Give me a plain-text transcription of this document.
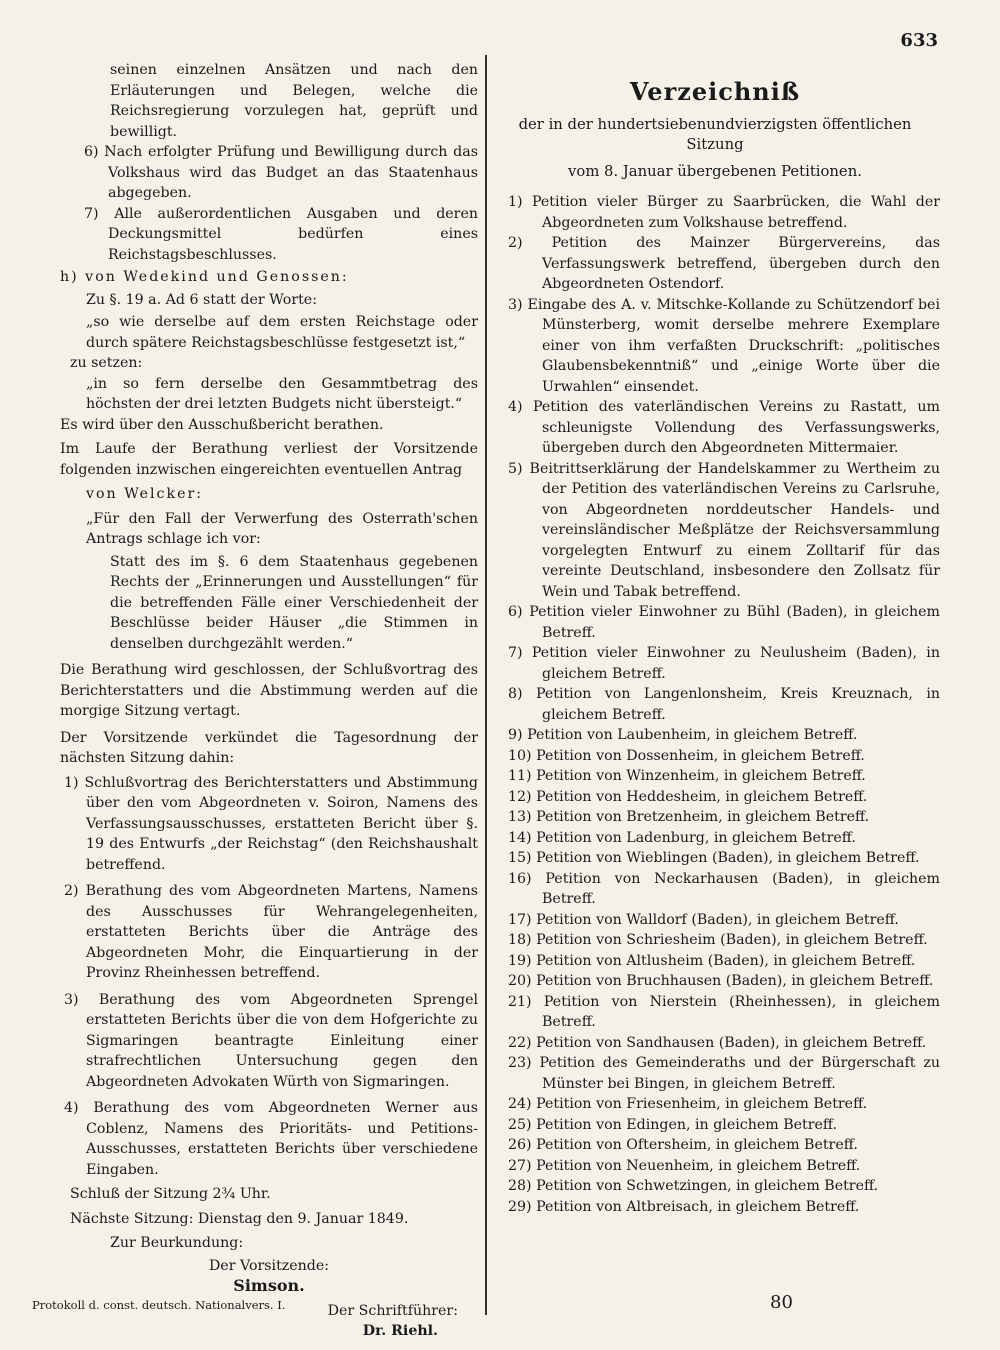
633

seinen einzelnen Ansätzen und nach den Erläuterungen und Belegen, welche die Reichsregierung vorzulegen hat, geprüft und bewilligt.

6) Nach erfolgter Prüfung und Bewilligung durch das Volkshaus wird das Budget an das Staatenhaus abgegeben.

7) Alle außerordentlichen Ausgaben und deren Deckungsmittel bedürfen eines Reichstagsbeschlusses.

h) von Wedekind und Genossen:

Zu §. 19 a. Ad 6 statt der Worte:

„so wie derselbe auf dem ersten Reichstage oder durch spätere Reichstagsbeschlüsse festgesetzt ist,“

zu setzen:

„in so fern derselbe den Gesammtbetrag des höchsten der drei letzten Budgets nicht übersteigt.“

Es wird über den Ausschußbericht berathen.

Im Laufe der Berathung verliest der Vorsitzende folgenden inzwischen eingereichten eventuellen Antrag

von Welcker:

„Für den Fall der Verwerfung des Osterrath'schen Antrags schlage ich vor:

Statt des im §. 6 dem Staatenhaus gegebenen Rechts der „Erinnerungen und Ausstellungen“ für die betreffenden Fälle einer Verschiedenheit der Beschlüsse beider Häuser „die Stimmen in denselben durchgezählt werden.“

Die Berathung wird geschlossen, der Schlußvortrag des Berichterstatters und die Abstimmung werden auf die morgige Sitzung vertagt.

Der Vorsitzende verkündet die Tagesordnung der nächsten Sitzung dahin:

1) Schlußvortrag des Berichterstatters und Abstimmung über den vom Abgeordneten v. Soiron, Namens des Verfassungsausschusses, erstatteten Bericht über §. 19 des Entwurfs „der Reichstag“ (den Reichshaushalt betreffend.

2) Berathung des vom Abgeordneten Martens, Namens des Ausschusses für Wehrangelegenheiten, erstatteten Berichts über die Anträge des Abgeordneten Mohr, die Einquartierung in der Provinz Rheinhessen betreffend.

3) Berathung des vom Abgeordneten Sprengel erstatteten Berichts über die von dem Hofgerichte zu Sigmaringen beantragte Einleitung einer strafrechtlichen Untersuchung gegen den Abgeordneten Advokaten Würth von Sigmaringen.

4) Berathung des vom Abgeordneten Werner aus Coblenz, Namens des Prioritäts- und Petitions-Ausschusses, erstatteten Berichts über verschiedene Eingaben.

Schluß der Sitzung 2¾ Uhr.

Nächste Sitzung: Dienstag den 9. Januar 1849.

Zur Beurkundung:

Der Vorsitzende:

Simson.

Der Schriftführer:

Dr. Riehl.

Verzeichniß
der in der hundertsiebenundvierzigsten öffentlichen Sitzung
vom 8. Januar übergebenen Petitionen.

1) Petition vieler Bürger zu Saarbrücken, die Wahl der Abgeordneten zum Volkshause betreffend.

2) Petition des Mainzer Bürgervereins, das Verfassungswerk betreffend, übergeben durch den Abgeordneten Ostendorf.

3) Eingabe des A. v. Mitschke-Kollande zu Schützendorf bei Münsterberg, womit derselbe mehrere Exemplare einer von ihm verfaßten Druckschrift: „politisches Glaubensbekenntniß“ und „einige Worte über die Urwahlen“ einsendet.

4) Petition des vaterländischen Vereins zu Rastatt, um schleunigste Vollendung des Verfassungswerks, übergeben durch den Abgeordneten Mittermaier.

5) Beitrittserklärung der Handelskammer zu Wertheim zu der Petition des vaterländischen Vereins zu Carlsruhe, von Abgeordneten norddeutscher Handels- und vereinsländischer Meßplätze der Reichsversammlung vorgelegten Entwurf zu einem Zolltarif für das vereinte Deutschland, insbesondere den Zollsatz für Wein und Tabak betreffend.

6) Petition vieler Einwohner zu Bühl (Baden), in gleichem Betreff.

7) Petition vieler Einwohner zu Neulusheim (Baden), in gleichem Betreff.

8) Petition von Langenlonsheim, Kreis Kreuznach, in gleichem Betreff.

9) Petition von Laubenheim, in gleichem Betreff.

10) Petition von Dossenheim, in gleichem Betreff.

11) Petition von Winzenheim, in gleichem Betreff.

12) Petition von Heddesheim, in gleichem Betreff.

13) Petition von Bretzenheim, in gleichem Betreff.

14) Petition von Ladenburg, in gleichem Betreff.

15) Petition von Wieblingen (Baden), in gleichem Betreff.

16) Petition von Neckarhausen (Baden), in gleichem Betreff.

17) Petition von Walldorf (Baden), in gleichem Betreff.

18) Petition von Schriesheim (Baden), in gleichem Betreff.

19) Petition von Altlusheim (Baden), in gleichem Betreff.

20) Petition von Bruchhausen (Baden), in gleichem Betreff.

21) Petition von Nierstein (Rheinhessen), in gleichem Betreff.

22) Petition von Sandhausen (Baden), in gleichem Betreff.

23) Petition des Gemeinderaths und der Bürgerschaft zu Münster bei Bingen, in gleichem Betreff.

24) Petition von Friesenheim, in gleichem Betreff.

25) Petition von Edingen, in gleichem Betreff.

26) Petition von Oftersheim, in gleichem Betreff.

27) Petition von Neuenheim, in gleichem Betreff.

28) Petition von Schwetzingen, in gleichem Betreff.

29) Petition von Altbreisach, in gleichem Betreff.

Protokoll d. const. deutsch. Nationalvers. I.	80
